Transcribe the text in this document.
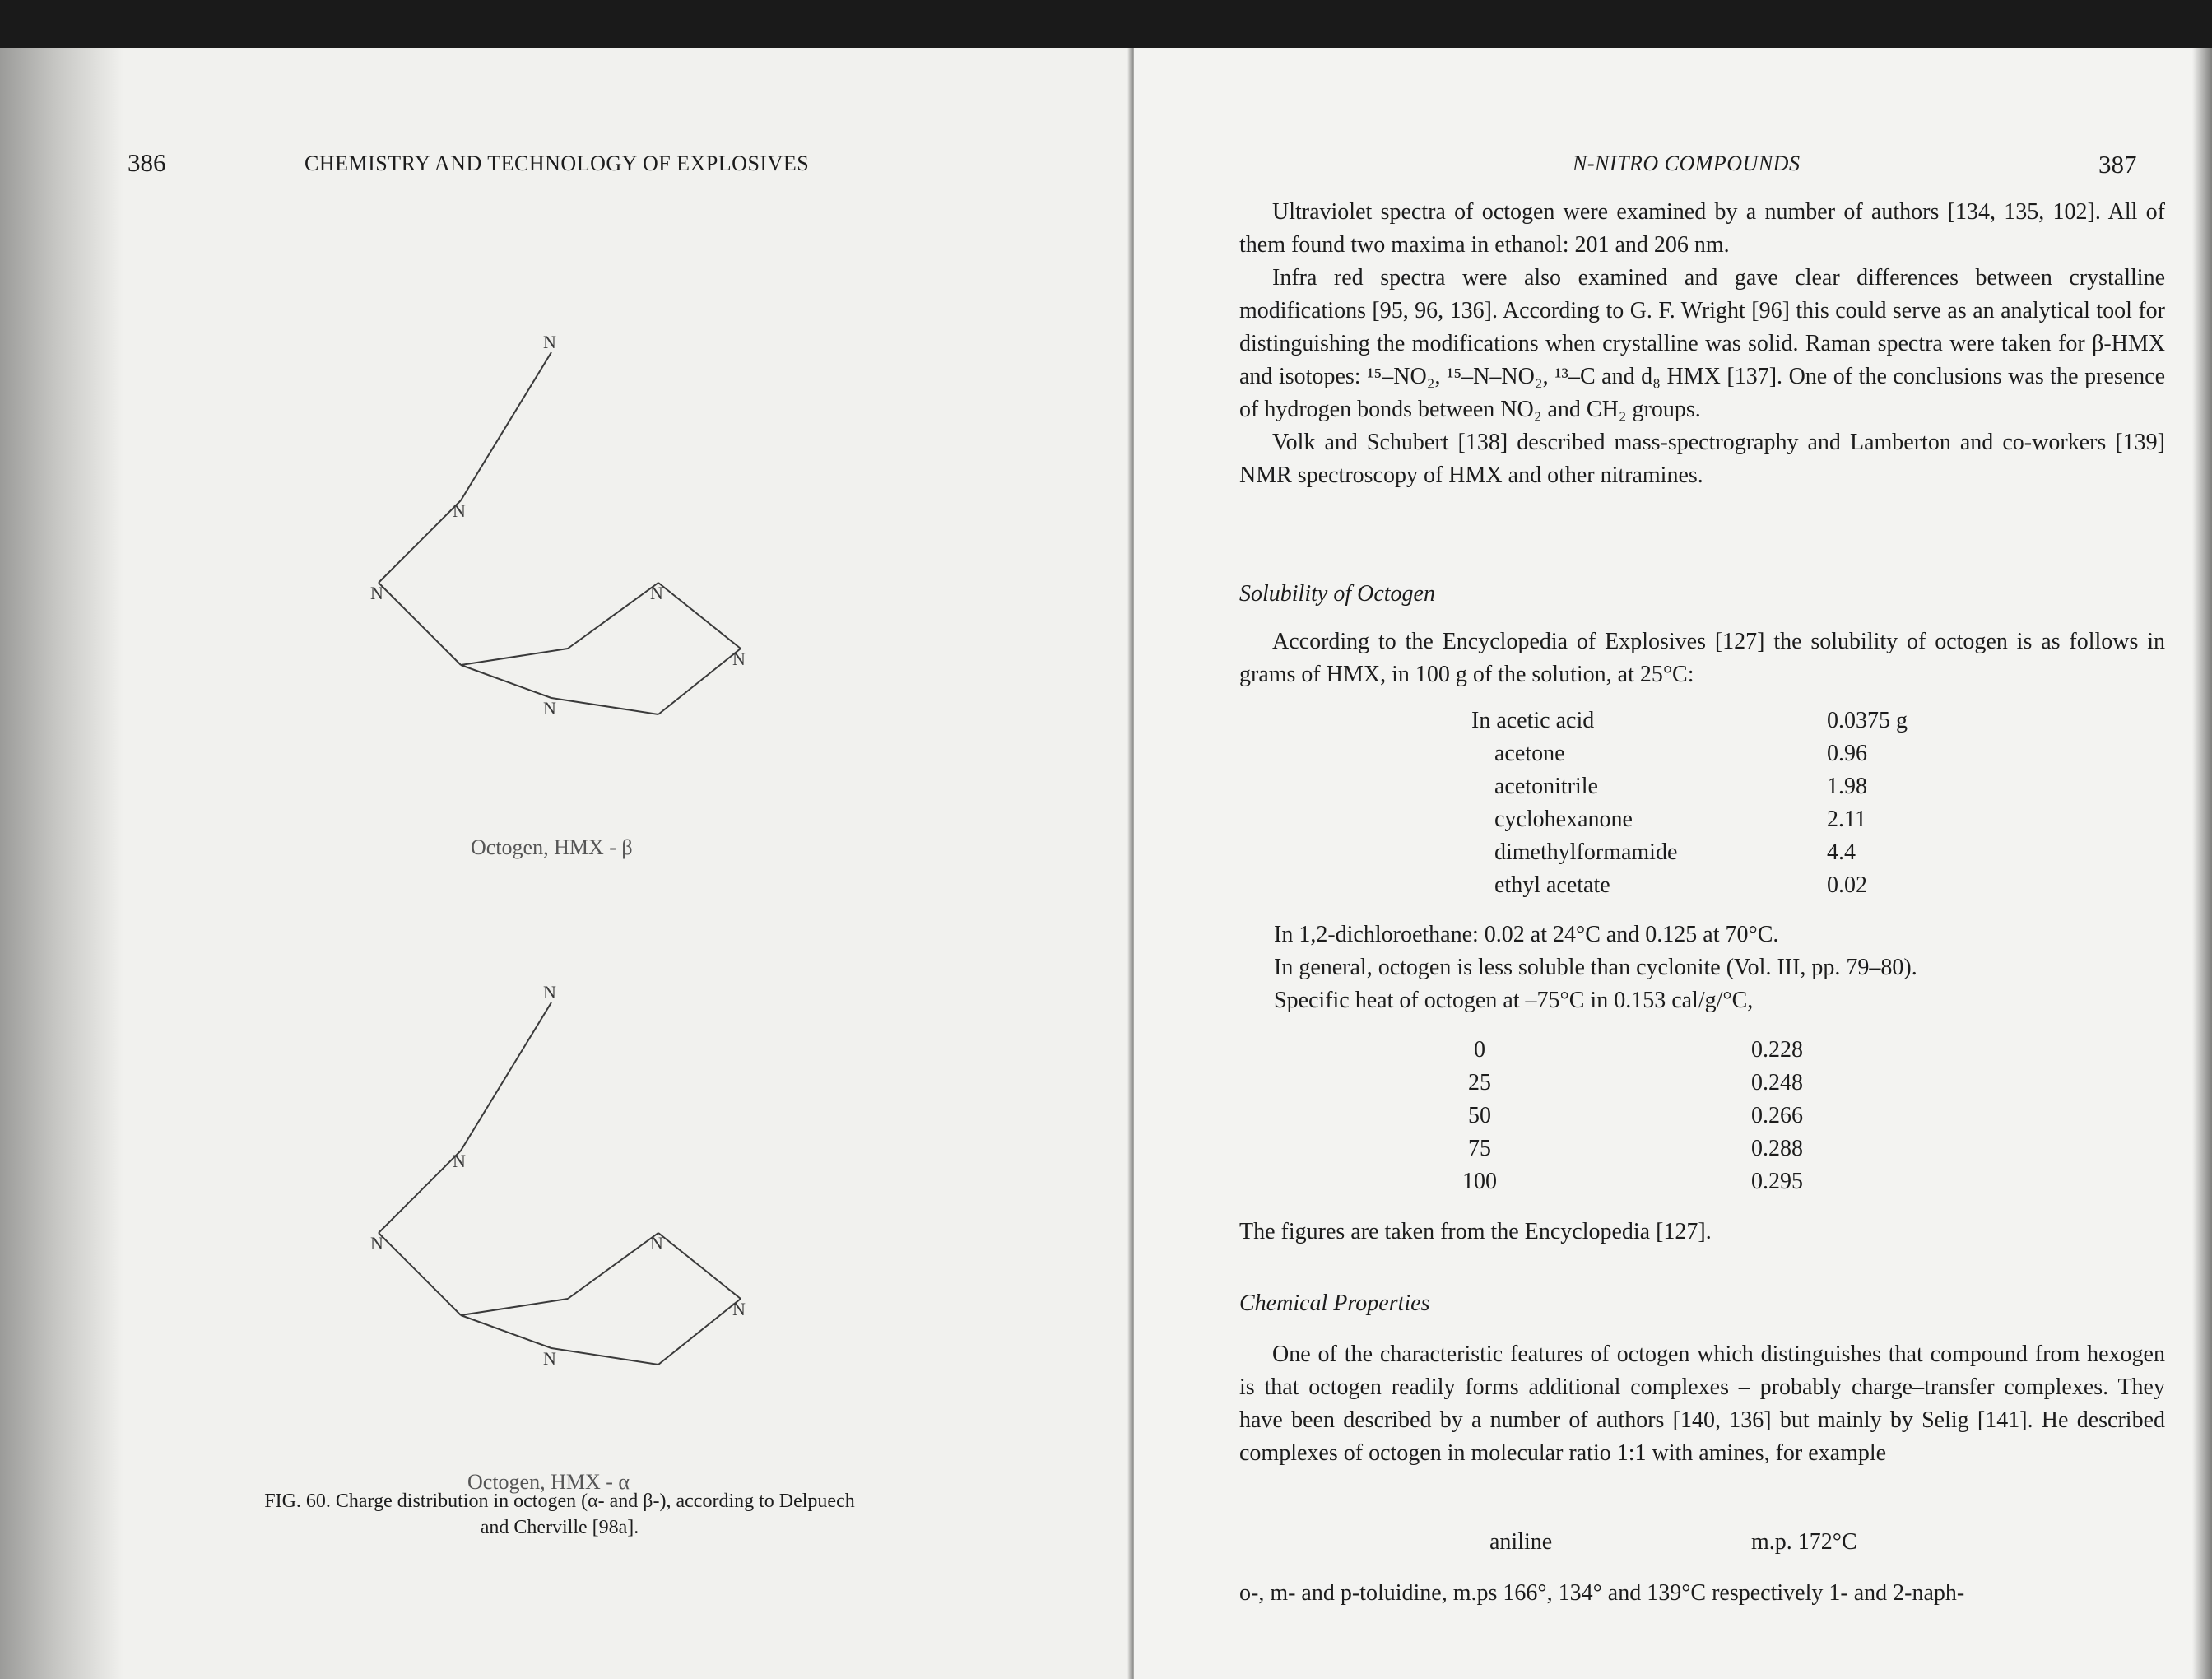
386	CHEMISTRY AND TECHNOLOGY OF EXPLOSIVES
N
N
N	N
N
N
Octogen, HMX - β
N
N
N	N
N
N
Octogen, HMX - α
FIG. 60. Charge distribution in octogen (α- and β-), according to Delpuech
and Cherville [98a].
N-NITRO COMPOUNDS	387

Ultraviolet spectra of octogen were examined by a number of authors [134, 135, 102]. All of them found two maxima in ethanol: 201 and 206 nm.

Infra red spectra were also examined and gave clear differences between crystalline modifications [95, 96, 136]. According to G. F. Wright [96] this could serve as an analytical tool for distinguishing the modifications when crystalline was solid. Raman spectra were taken for β-HMX and isotopes: ¹⁵–NO₂, ¹⁵–N–NO₂, ¹³–C and d₈ HMX [137]. One of the conclusions was the presence of hydrogen bonds between NO₂ and CH₂ groups.

Volk and Schubert [138] described mass-spectrography and Lamberton and co-workers [139] NMR spectroscopy of HMX and other nitramines.

Solubility of Octogen

According to the Encyclopedia of Explosives [127] the solubility of octogen is as follows in grams of HMX, in 100 g of the solution, at 25°C:

In acetic acid	0.0375 g
acetone	0.96
acetonitrile	1.98
cyclohexanone	2.11
dimethylformamide	4.4
ethyl acetate	0.02
In 1,2-dichloroethane: 0.02 at 24°C and 0.125 at 70°C.
In general, octogen is less soluble than cyclonite (Vol. III, pp. 79–80).
Specific heat of octogen at –75°C in 0.153 cal/g/°C,
0	0.228
25	0.248
50	0.266
75	0.288
100	0.295
The figures are taken from the Encyclopedia [127].
Chemical Properties

One of the characteristic features of octogen which distinguishes that compound from hexogen is that octogen readily forms additional complexes – probably charge–transfer complexes. They have been described by a number of authors [140, 136] but mainly by Selig [141]. He described complexes of octogen in molecular ratio 1:1 with amines, for example

aniline	m.p. 172°C
o-, m- and p-toluidine, m.ps 166°, 134° and 139°C respectively 1- and 2-naph-
